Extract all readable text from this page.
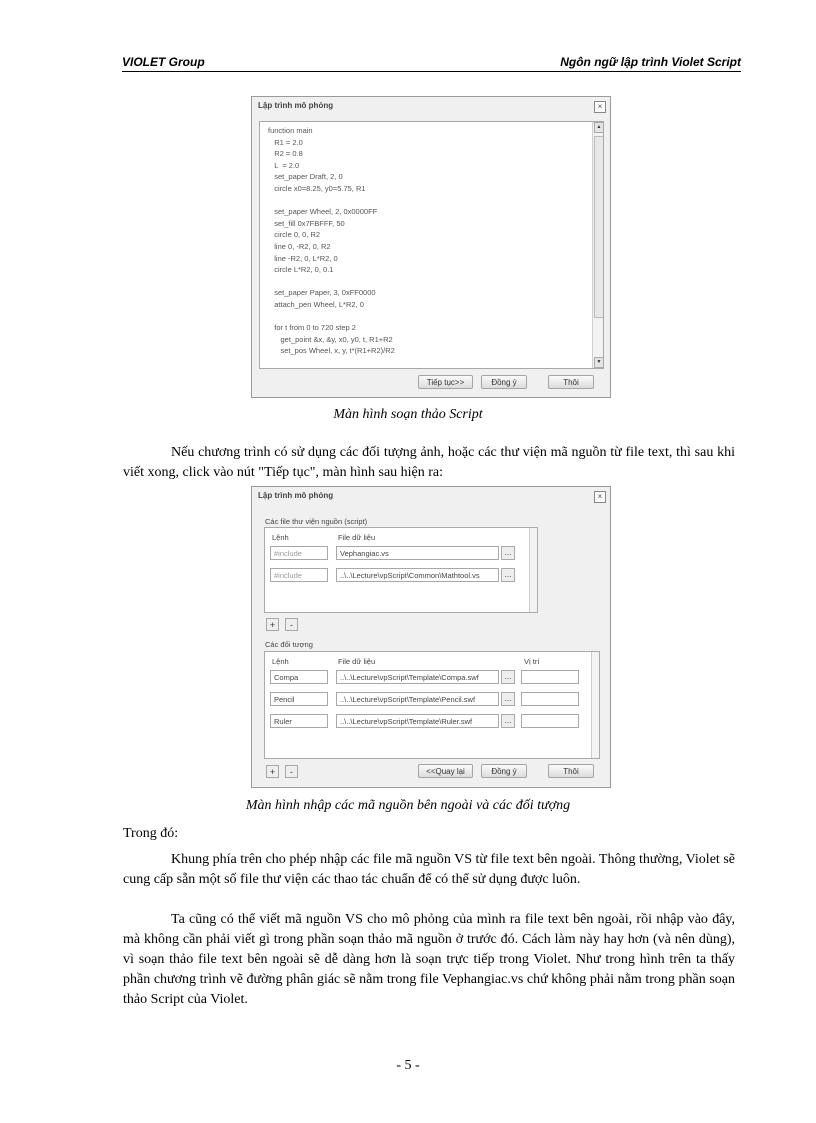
VIOLET Group	Ngôn ngữ lập trình Violet Script
Lập trình mô phỏng	×
▲
▼
function main
R1 = 2.0
R2 = 0.8
L  = 2.0
set_paper Draft, 2, 0
circle x0=8.25, y0=5.75, R1
set_paper Wheel, 2, 0x0000FF
set_fill 0x7FBFFF, 50
circle 0, 0, R2
line 0, -R2, 0, R2
line -R2, 0, L*R2, 0
circle L*R2, 0, 0.1
set_paper Paper, 3, 0xFF0000
attach_pen Wheel, L*R2, 0
for t from 0 to 720 step 2
get_point &x, &y, x0, y0, t, R1+R2
set_pos Wheel, x, y, t*(R1+R2)/R2
Tiếp tục>>	Đồng ý	Thôi
Màn hình soạn thảo Script
Nếu chương trình có sử dụng các đối tượng ảnh, hoặc các thư viện mã nguồn từ file text, thì sau khi viết xong, click vào nút "Tiếp tục", màn hình sau hiện ra:
Lập trình mô phỏng	×
Các file thư viện nguồn (script)
Lệnh	File dữ liệu
#include	Vephangiac.vs	...
#include	..\..\Lecture\vpScript\Common\Mathtool.vs	...
+	-
Các đối tượng
Lệnh	File dữ liệu	Vị trí
Compa	..\..\Lecture\vpScript\Template\Compa.swf	...
Pencil	..\..\Lecture\vpScript\Template\Pencil.swf	...
Ruler	..\..\Lecture\vpScript\Template\Ruler.swf	...
+	-	<<Quay lại	Đồng ý	Thôi
Màn hình nhập các mã nguồn bên ngoài và các đối tượng
Trong đó:
Khung phía trên cho phép nhập các file mã nguồn VS từ file text bên ngoài. Thông thường, Violet sẽ cung cấp sẵn một số file thư viện các thao tác chuẩn để có thể sử dụng được luôn.
Ta cũng có thể viết mã nguồn VS cho mô phỏng của mình ra file text bên ngoài, rồi nhập vào đây, mà không cần phải viết gì trong phần soạn thảo mã nguồn ở trước đó. Cách làm này hay hơn (và nên dùng), vì soạn thảo file text bên ngoài sẽ dễ dàng hơn là soạn trực tiếp trong Violet. Như trong hình trên ta thấy phần chương trình vẽ đường phân giác sẽ nằm trong file Vephangiac.vs chứ không phải nằm trong phần soạn thảo Script của Violet.
- 5 -
